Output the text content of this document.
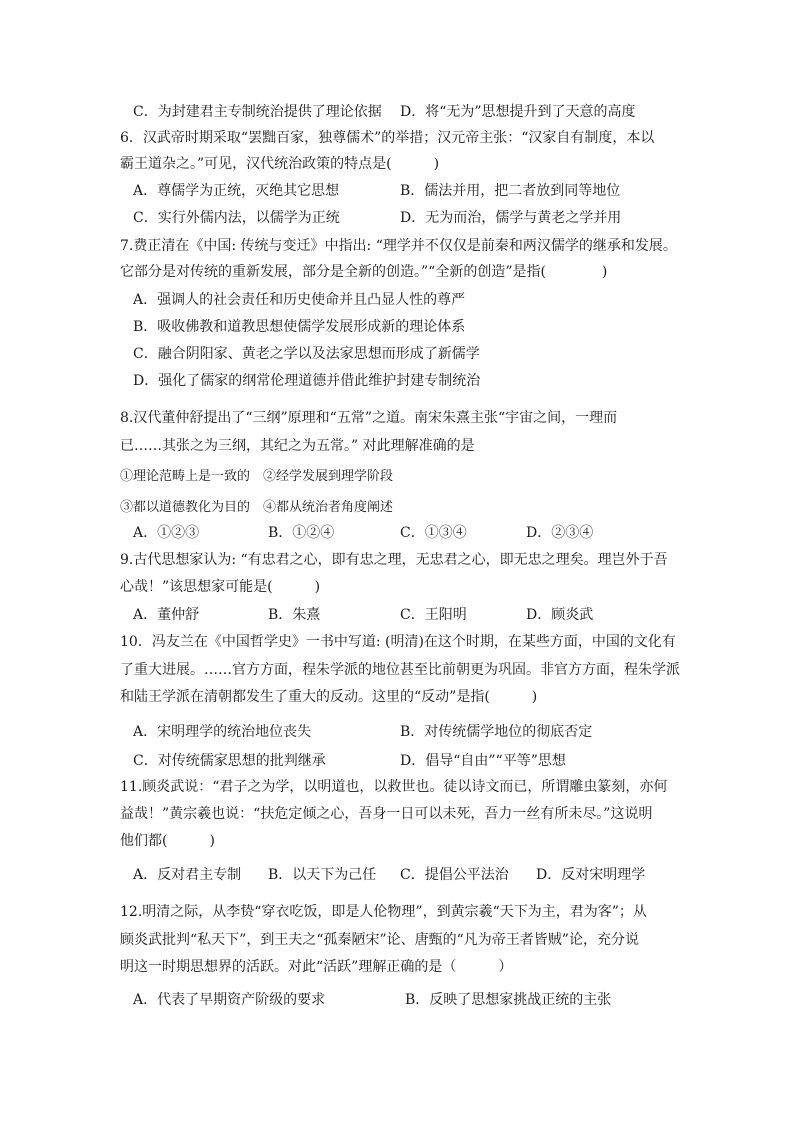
C．为封建君主专制统治提供了理论依据 D．将“无为”思想提升到了天意的高度
6．汉武帝时期采取“罢黜百家，独尊儒术”的举措；汉元帝主张：“汉家自有制度，本以
霸王道杂之。”可见，汉代统治政策的特点是(　　　)
A．尊儒学为正统，灭绝其它思想	B．儒法并用，把二者放到同等地位
C．实行外儒内法，以儒学为正统	D．无为而治，儒学与黄老之学并用
7.费正清在《中国: 传统与变迁》中指出: “理学并不仅仅是前秦和两汉儒学的继承和发展。
它部分是对传统的重新发展，部分是全新的创造。”“全新的创造”是指(　　　　)
A．强调人的社会责任和历史使命并且凸显人性的尊严
B．吸收佛教和道教思想使儒学发展形成新的理论体系
C．融合阴阳家、黄老之学以及法家思想而形成了新儒学
D．强化了儒家的纲常伦理道德并借此维护封建专制统治
8.汉代董仲舒提出了“三纲”原理和“五常”之道。南宋朱熹主张“宇宙之间，一理而
已……其张之为三纲，其纪之为五常。” 对此理解准确的是
①理论范畴上是一致的　②经学发展到理学阶段
③都以道德教化为目的　④都从统治者角度阐述
A．①②③	B．①②④	C．①③④	D．②③④
9.古代思想家认为: “有忠君之心，即有忠之理，无忠君之心，即无忠之理矣。理岂外于吾
心哉！”该思想家可能是(　　　)
A．董仲舒	B．朱熹	C．王阳明	D．顾炎武
10．冯友兰在《中国哲学史》一书中写道: (明清)在这个时期，在某些方面，中国的文化有
了重大进展。……官方方面，程朱学派的地位甚至比前朝更为巩固。非官方方面，程朱学派
和陆王学派在清朝都发生了重大的反动。这里的“反动”是指(　　　)
A．宋明理学的统治地位丧失	B．对传统儒学地位的彻底否定
C．对传统儒家思想的批判继承	D．倡导“自由”“平等”思想
11.顾炎武说：“君子之为学，以明道也，以救世也。徒以诗文而已，所谓雕虫篆刻，亦何
益哉！”黄宗羲也说：“扶危定倾之心，吾身一日可以未死，吾力一丝有所未尽。”这说明
他们都(　　　)
A．反对君主专制 B．以天下为己任 C．提倡公平法治 D．反对宋明理学
12.明清之际，从李贽“穿衣吃饭，即是人伦物理”，到黄宗羲“天下为主，君为客”；从
顾炎武批判“私天下”，到王夫之“孤秦陋宋”论、唐甄的“凡为帝王者皆贼”论，充分说
明这一时期思想界的活跃。对此“活跃”理解正确的是（　　　）
A．代表了早期资产阶级的要求	B．反映了思想家挑战正统的主张
